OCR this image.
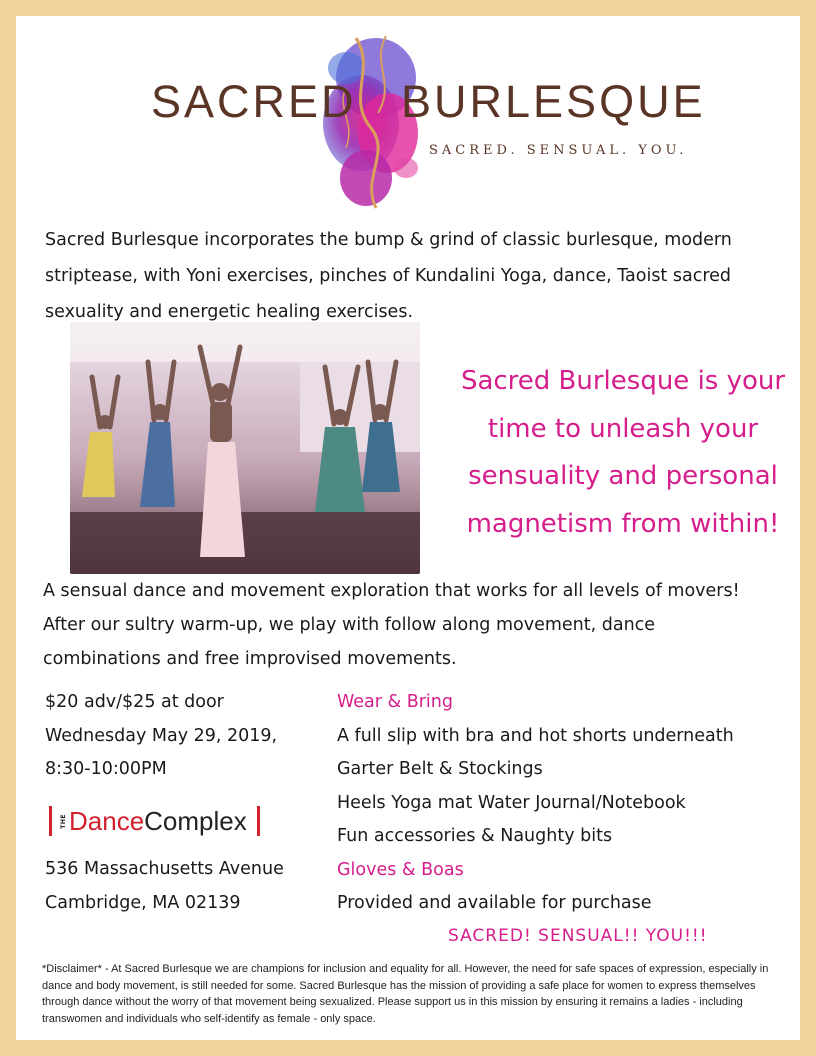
SACRED BURLESQUE
SACRED. SENSUAL. YOU.
Sacred Burlesque incorporates the bump & grind of classic burlesque, modern striptease, with Yoni exercises, pinches of Kundalini Yoga, dance, Taoist sacred sexuality and energetic healing exercises.
Sacred Burlesque is your
time to unleash your
sensuality and personal
magnetism from within!
A sensual dance and movement exploration that works for all levels of movers!
After our sultry warm-up, we play with follow along movement, dance
combinations and free improvised movements.
$20 adv/$25 at door
Wednesday May 29, 2019,
8:30-10:00PM
THE Dance Complex
536 Massachusetts Avenue
Cambridge, MA 02139
Wear & Bring
A full slip with bra and hot shorts underneath
Garter Belt & Stockings
Heels Yoga mat Water Journal/Notebook
Fun accessories & Naughty bits
Gloves & Boas
Provided and available for purchase
SACRED! SENSUAL!! YOU!!!
*Disclaimer* - At Sacred Burlesque we are champions for inclusion and equality for all. However, the need for safe spaces of expression, especially in dance and body movement, is still needed for some. Sacred Burlesque has the mission of providing a safe place for women to express themselves through dance without the worry of that movement being sexualized. Please support us in this mission by ensuring it remains a ladies - including transwomen and individuals who self-identify as female - only space.
